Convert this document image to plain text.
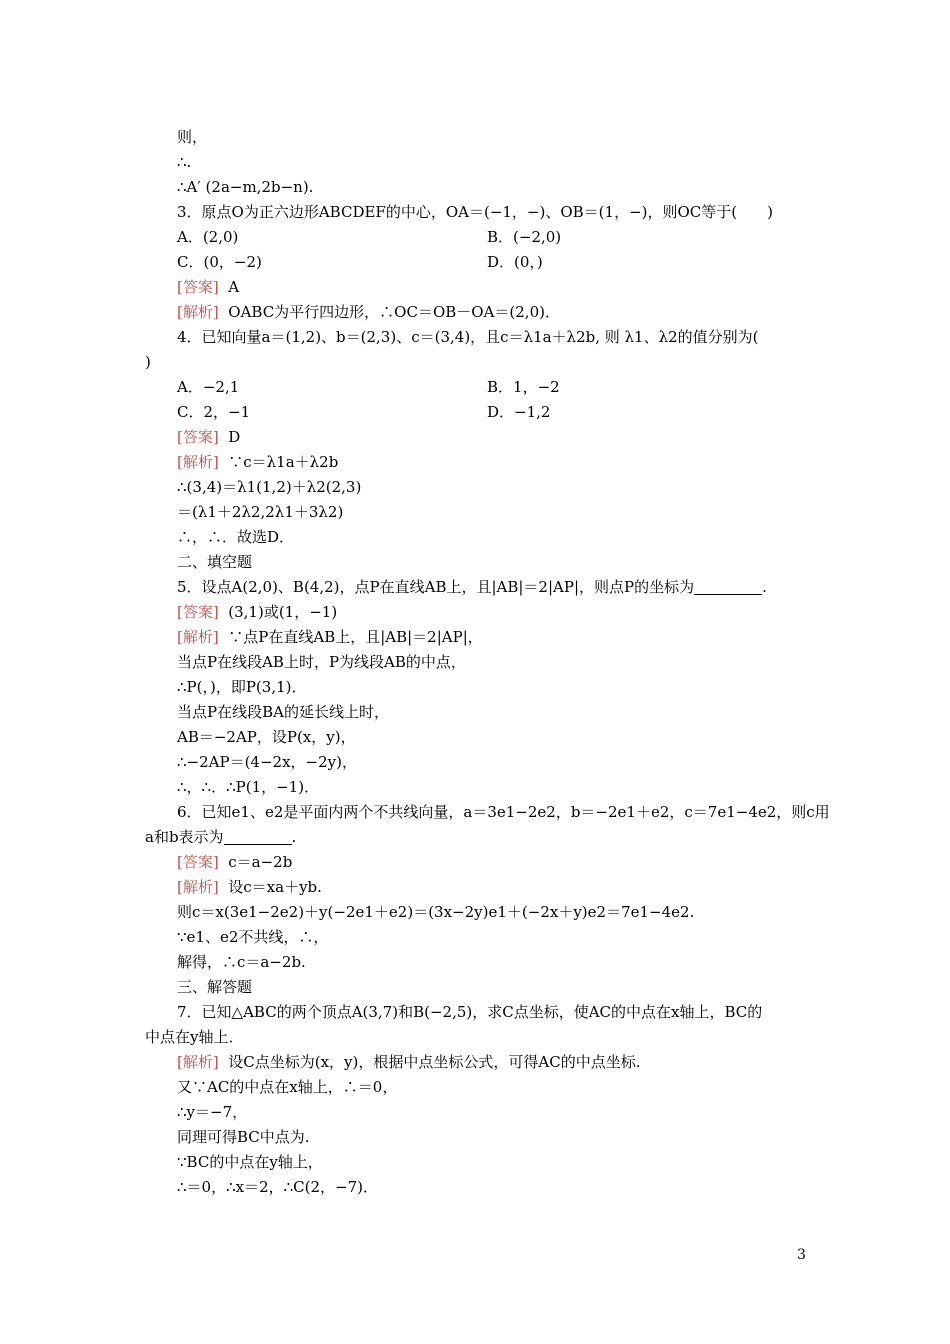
则，
∴.
∴A′ (2a−m,2b−n).
3．原点O为正六边形ABCDEF的中心，OA＝(−1，−)、OB＝(1，−)，则OC等于(　　)
A．(2,0)	B．(−2,0)
C．(0，−2)	D．(0，)
[答案] A
[解析] OABC为平行四边形，∴OC＝OB－OA＝(2,0)．
4．已知向量a＝(1,2)、b＝(2,3)、c＝(3,4)，且c＝λ1a＋λ2b, 则 λ1、λ2的值分别为(
)
A．−2,1	B．1，−2
C．2，−1	D．−1,2
[答案] D
[解析] ∵c＝λ1a＋λ2b
∴(3,4)＝λ1(1,2)＋λ2(2,3)
＝(λ1＋2λ2,2λ1＋3λ2)
∴，∴．故选D．
二、填空题
5．设点A(2,0)、B(4,2)，点P在直线AB上，且|AB|＝2|AP|，则点P的坐标为	.
[答案] (3,1)或(1，−1)
[解析] ∵点P在直线AB上，且|AB|＝2|AP|，
当点P在线段AB上时，P为线段AB的中点，
∴P(，)，即P(3,1)．
当点P在线段BA的延长线上时，
AB＝−2AP，设P(x，y)，
∴−2AP＝(4−2x，−2y)，
∴，∴．∴P(1，−1)．
6．已知e1、e2是平面内两个不共线向量，a＝3e1−2e2，b＝−2e1＋e2，c＝7e1−4e2，则c用
a和b表示为	.
[答案] c＝a−2b
[解析] 设c＝xa＋yb.
则c＝x(3e1−2e2)＋y(−2e1＋e2)＝(3x−2y)e1＋(−2x＋y)e2＝7e1−4e2.
∵e1、e2不共线，∴，
解得，∴c＝a−2b.
三、解答题
7．已知△ABC的两个顶点A(3,7)和B(−2,5)，求C点坐标，使AC的中点在x轴上，BC的
中点在y轴上．
[解析] 设C点坐标为(x，y)，根据中点坐标公式，可得AC的中点坐标.
又∵AC的中点在x轴上，∴＝0，
∴y＝−7，
同理可得BC中点为.
∵BC的中点在y轴上，
∴＝0，∴x＝2，∴C(2，−7)．
3
